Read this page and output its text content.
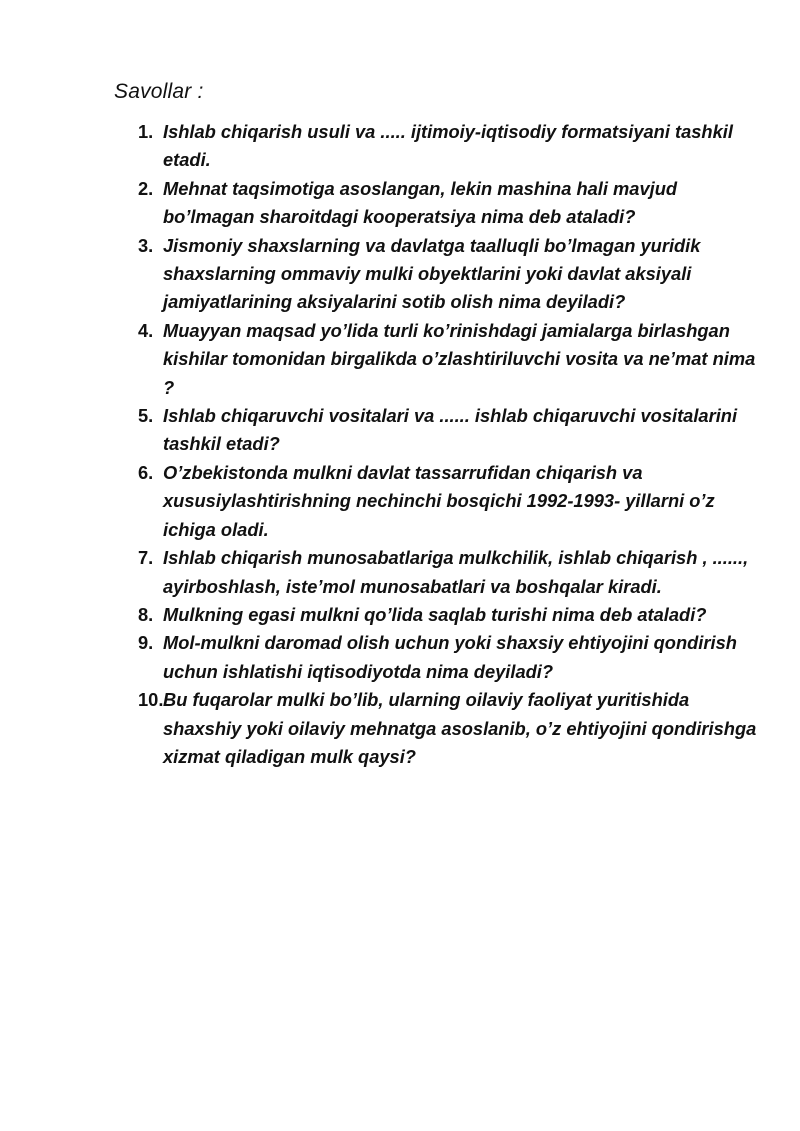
Savollar :
1. Ishlab chiqarish usuli va ..... ijtimoiy-iqtisodiy formatsiyani tashkil etadi.
2. Mehnat taqsimotiga asoslangan, lekin mashina hali mavjud bo’lmagan sharoitdagi kooperatsiya nima deb ataladi?
3. Jismoniy shaxslarning va davlatga taalluqli bo’lmagan yuridik shaxslarning ommaviy mulki obyektlarini yoki davlat aksiyali jamiyatlarining aksiyalarini sotib olish nima deyiladi?
4. Muayyan maqsad yo’lida turli ko’rinishdagi jamialarga birlashgan kishilar tomonidan birgalikda o’zlashtiriluvchi vosita va ne’mat nima ?
5. Ishlab chiqaruvchi vositalari va ...... ishlab chiqaruvchi vositalarini tashkil etadi?
6. O’zbekistonda mulkni davlat tassarrufidan chiqarish va xususiylashtirishning nechinchi bosqichi 1992-1993- yillarni o’z ichiga oladi.
7. Ishlab chiqarish munosabatlariga mulkchilik, ishlab chiqarish , ......, ayirboshlash, iste’mol munosabatlari va boshqalar kiradi.
8. Mulkning egasi mulkni qo’lida saqlab turishi nima deb ataladi?
9. Mol-mulkni daromad olish uchun yoki shaxsiy ehtiyojini qondirish uchun ishlatishi iqtisodiyotda nima deyiladi?
10. Bu fuqarolar mulki bo’lib, ularning oilaviy faoliyat yuritishida shaxshiy yoki oilaviy mehnatga asoslanib, o’z ehtiyojini qondirishga xizmat qiladigan mulk qaysi?
